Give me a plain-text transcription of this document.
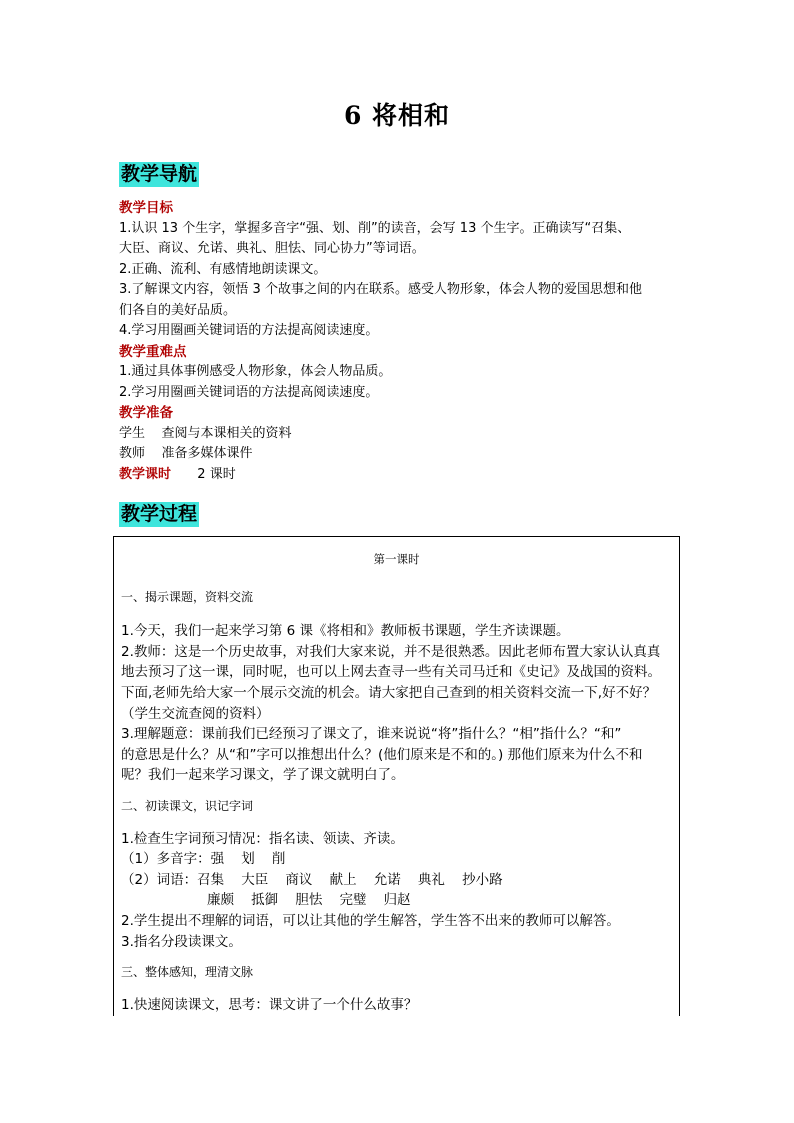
6 将相和
教学导航
教学目标

1.认识 13 个生字，掌握多音字“强、划、削”的读音，会写 13 个生字。正确读写“召集、

大臣、商议、允诺、典礼、胆怯、同心协力”等词语。

2.正确、流利、有感情地朗读课文。

3.了解课文内容，领悟 3 个故事之间的内在联系。感受人物形象，体会人物的爱国思想和他

们各自的美好品质。

4.学习用圈画关键词语的方法提高阅读速度。

教学重难点

1.通过具体事例感受人物形象，体会人物品质。

2.学习用圈画关键词语的方法提高阅读速度。

教学准备

学生    查阅与本课相关的资料

教师    准备多媒体课件

教学课时 2 课时

教学过程
第一课时
一、揭示课题，资料交流

1.今天，我们一起来学习第 6 课《将相和》教师板书课题，学生齐读课题。

2.教师：这是一个历史故事，对我们大家来说，并不是很熟悉。因此老师布置大家认认真真

地去预习了这一课，同时呢，也可以上网去查寻一些有关司马迁和《史记》及战国的资料。

下面,老师先给大家一个展示交流的机会。请大家把自己查到的相关资料交流一下,好不好？

（学生交流查阅的资料）

3.理解题意：课前我们已经预习了课文了，谁来说说“将”指什么？“相”指什么？“和”

的意思是什么？从“和”字可以推想出什么？(他们原来是不和的。) 那他们原来为什么不和

呢？我们一起来学习课文，学了课文就明白了。

二、初读课文，识记字词

1.检查生字词预习情况：指名读、领读、齐读。

（1）多音字：强    划    削

（2）词语：召集    大臣    商议    献上    允诺    典礼    抄小路

廉颇    抵御    胆怯    完璧    归赵

2.学生提出不理解的词语，可以让其他的学生解答，学生答不出来的教师可以解答。

3.指名分段读课文。

三、整体感知，理清文脉

1.快速阅读课文，思考：课文讲了一个什么故事？
